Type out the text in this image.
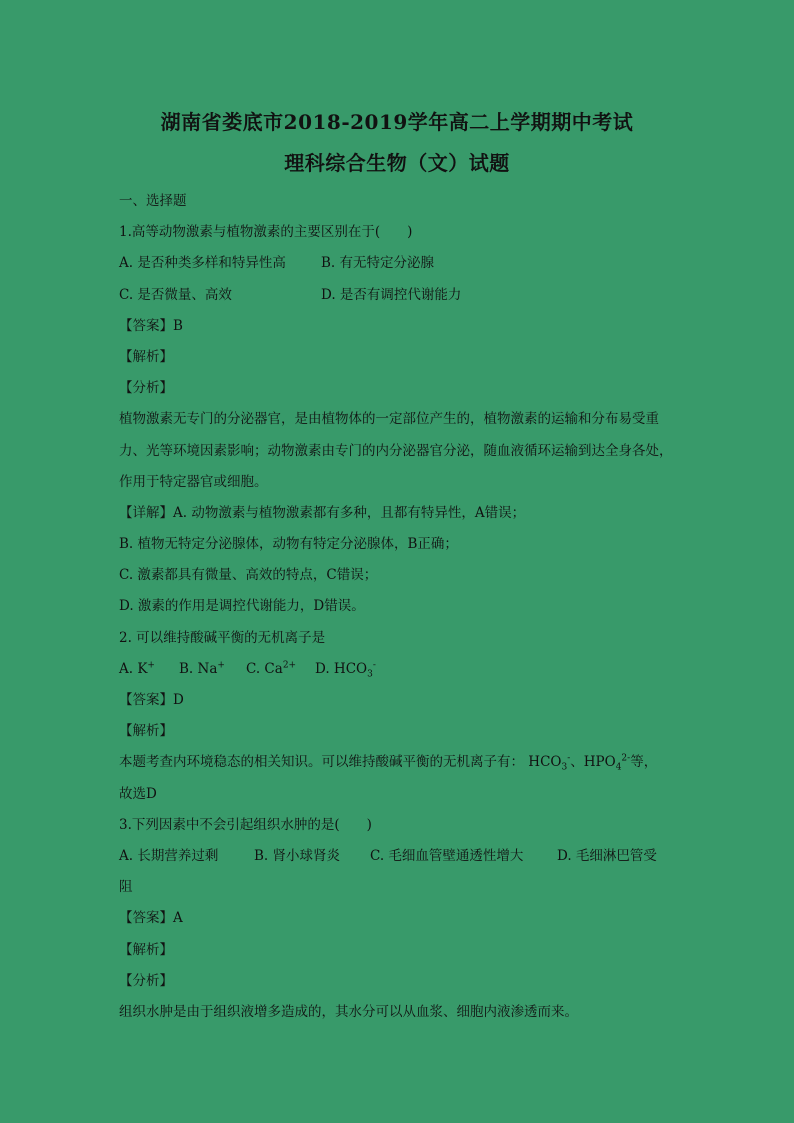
湖南省娄底市2018-2019学年高二上学期期中考试
理科综合生物（文）试题
一、选择题
1.高等动物激素与植物激素的主要区别在于(　　)
A. 是否种类多样和特异性高	B. 有无特定分泌腺
C. 是否微量、高效	D. 是否有调控代谢能力
【答案】B
【解析】
【分析】
植物激素无专门的分泌器官，是由植物体的一定部位产生的，植物激素的运输和分布易受重
力、光等环境因素影响；动物激素由专门的内分泌器官分泌，随血液循环运输到达全身各处，
作用于特定器官或细胞。
【详解】A. 动物激素与植物激素都有多种，且都有特异性，A错误；
B. 植物无特定分泌腺体，动物有特定分泌腺体，B正确；
C. 激素都具有微量、高效的特点，C错误；
D. 激素的作用是调控代谢能力，D错误。
2. 可以维持酸碱平衡的无机离子是
A. K+ B. Na+ C. $Ca^{2+}$ D. $HCO_3^-$
【答案】D
【解析】
本题考查内环境稳态的相关知识。可以维持酸碱平衡的无机离子有： $HCO_3^-$、$HPO_4^{2-}$等，
故选D
3.下列因素中不会引起组织水肿的是(　　)
A. 长期营养过剩	B. 肾小球肾炎 C. 毛细血管壁通透性增大 D. 毛细淋巴管受
阻
【答案】A
【解析】
【分析】
组织水肿是由于组织液增多造成的，其水分可以从血浆、细胞内液渗透而来。
